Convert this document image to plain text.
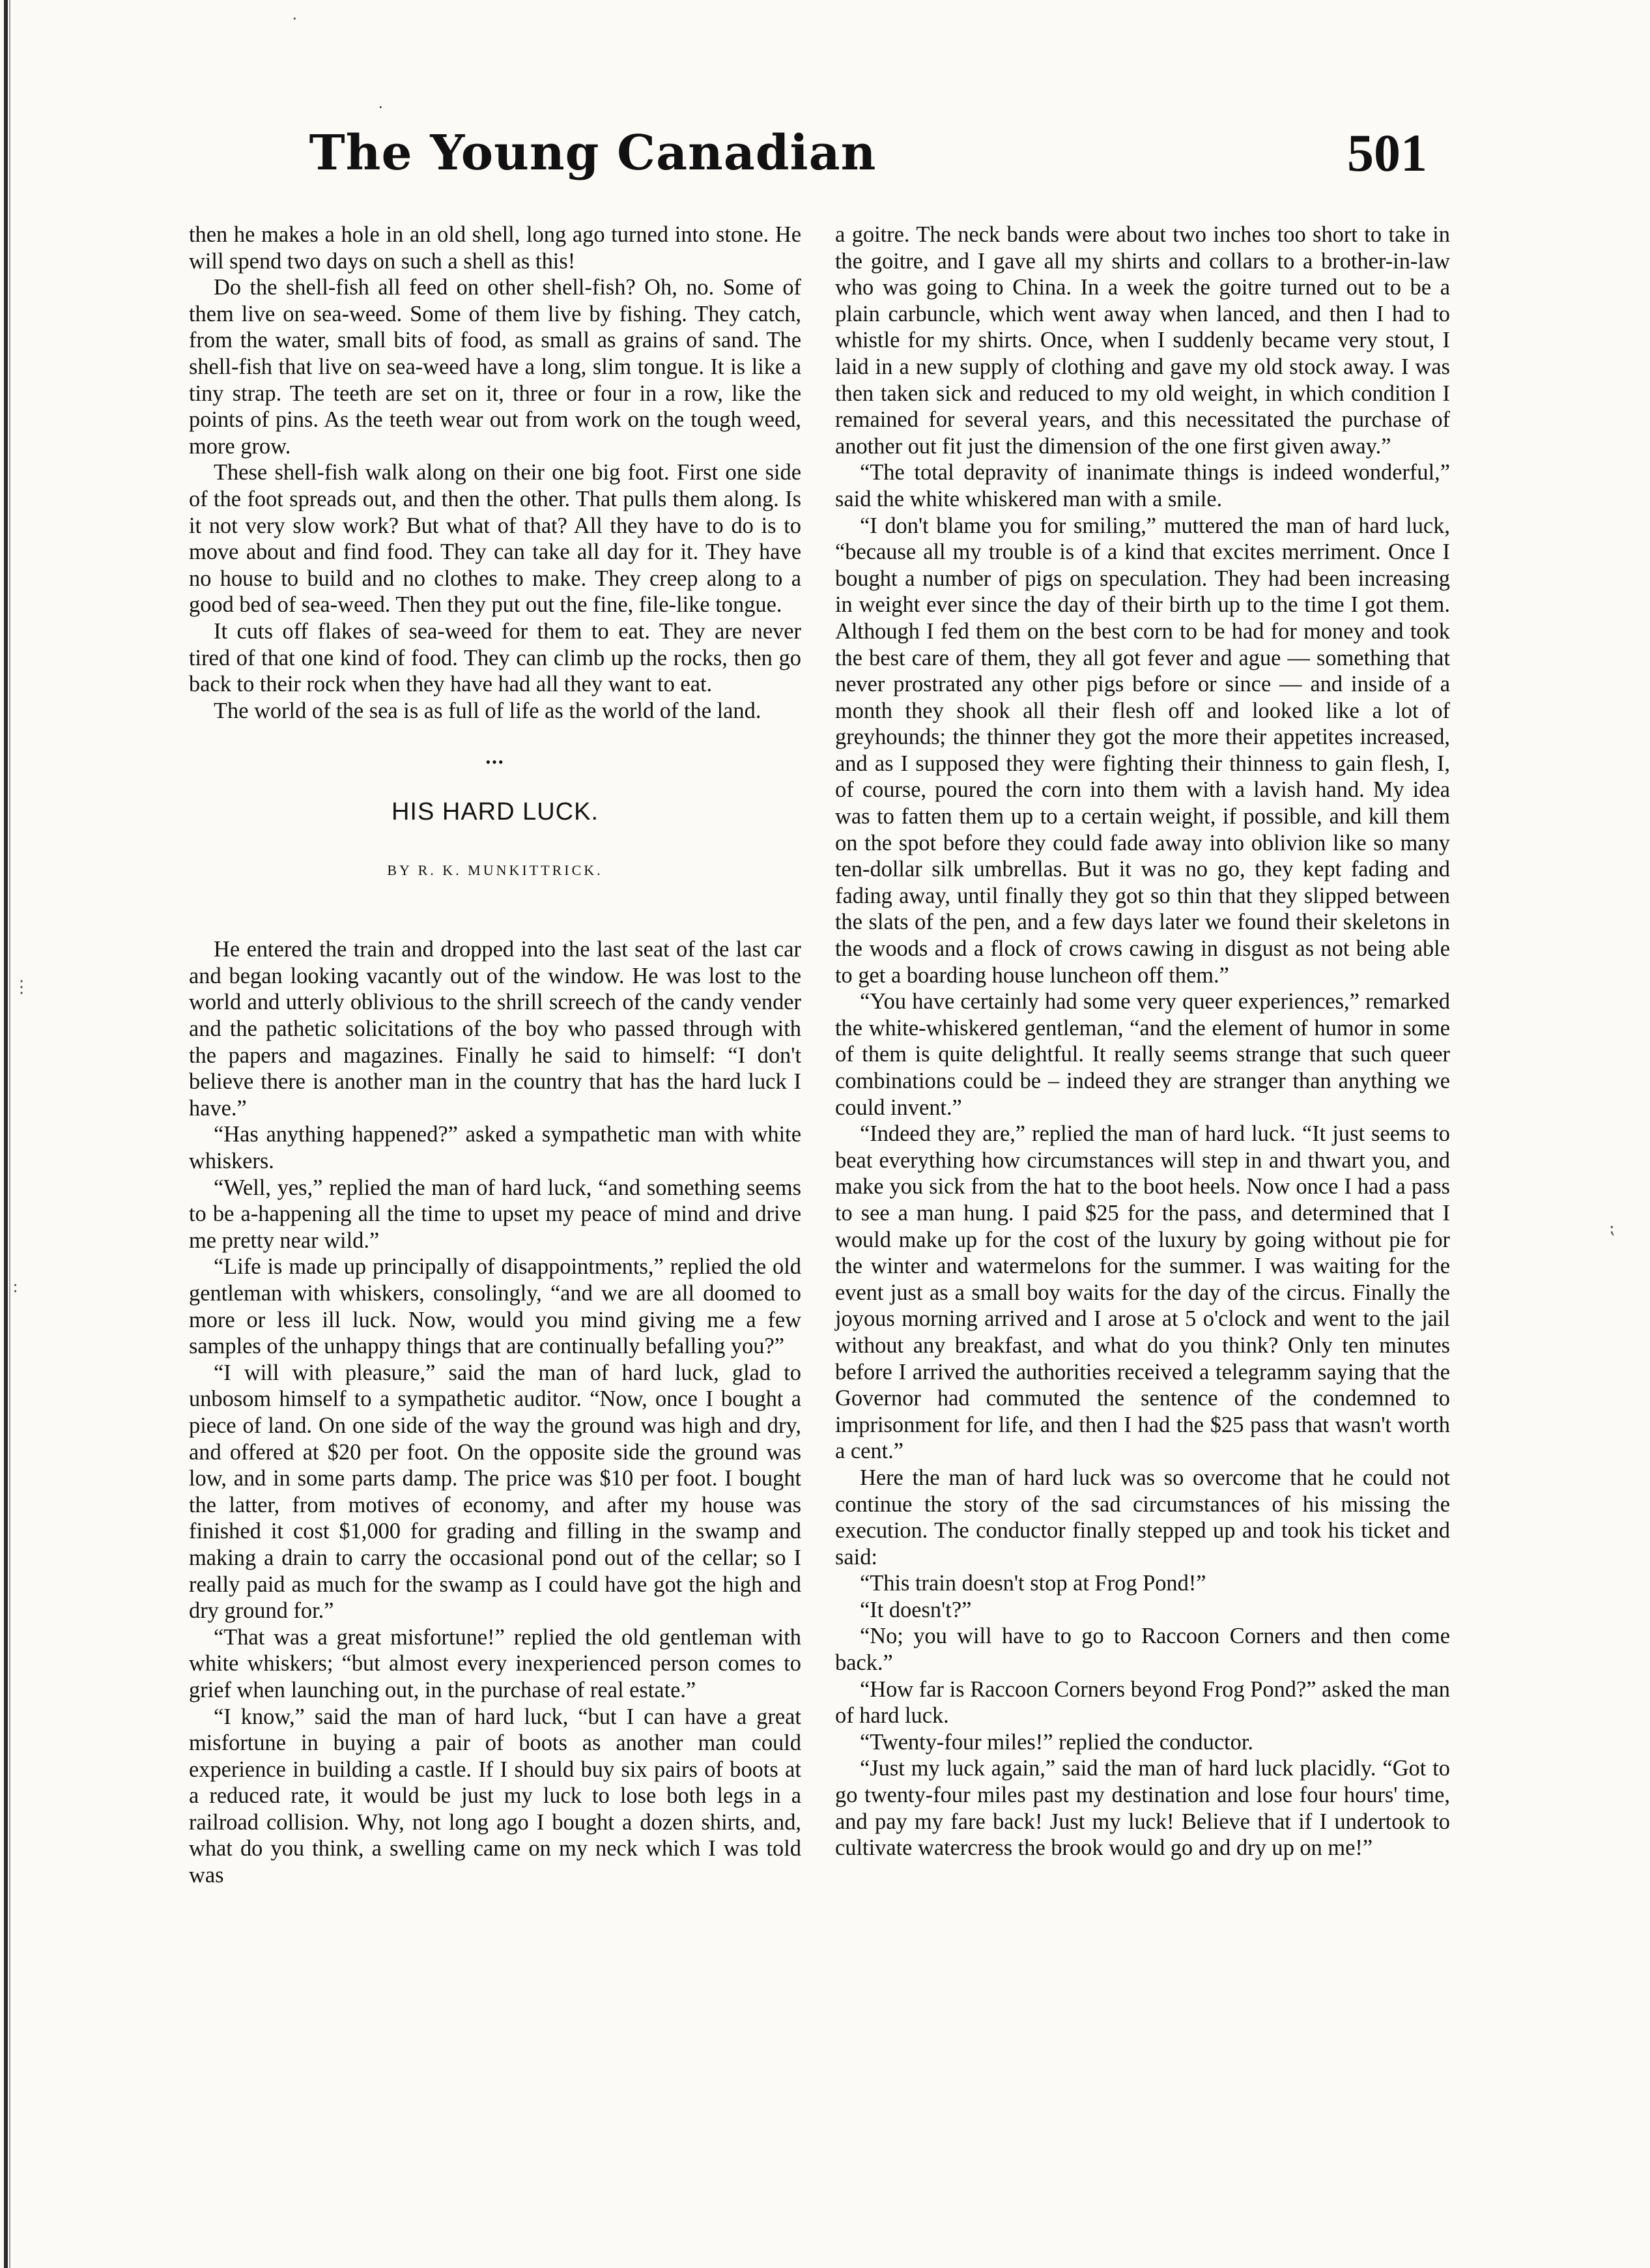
·
·
⋮
:
⁏
The Young Canadian	501

then he makes a hole in an old shell, long ago turned into stone. He will spend two days on such a shell as this!

Do the shell-fish all feed on other shell-fish? Oh, no. Some of them live on sea-weed. Some of them live by fishing. They catch, from the water, small bits of food, as small as grains of sand. The shell-fish that live on sea-weed have a long, slim tongue. It is like a tiny strap. The teeth are set on it, three or four in a row, like the points of pins. As the teeth wear out from work on the tough weed, more grow.

These shell-fish walk along on their one big foot. First one side of the foot spreads out, and then the other. That pulls them along. Is it not very slow work? But what of that? All they have to do is to move about and find food. They can take all day for it. They have no house to build and no clothes to make. They creep along to a good bed of sea-weed. Then they put out the fine, file-like tongue.

It cuts off flakes of sea-weed for them to eat. They are never tired of that one kind of food. They can climb up the rocks, then go back to their rock when they have had all they want to eat.

The world of the sea is as full of life as the world of the land.

•••
HIS HARD LUCK.
BY R. K. MUNKITTRICK.

He entered the train and dropped into the last seat of the last car and began looking vacantly out of the window. He was lost to the world and utterly oblivious to the shrill screech of the candy vender and the pathetic solicitations of the boy who passed through with the papers and magazines. Finally he said to himself: “I don't believe there is another man in the country that has the hard luck I have.”

“Has anything happened?” asked a sympathetic man with white whiskers.

“Well, yes,” replied the man of hard luck, “and something seems to be a-happening all the time to upset my peace of mind and drive me pretty near wild.”

“Life is made up principally of disappointments,” replied the old gentleman with whiskers, consolingly, “and we are all doomed to more or less ill luck. Now, would you mind giving me a few samples of the unhappy things that are continually befalling you?”

“I will with pleasure,” said the man of hard luck, glad to unbosom himself to a sympathetic auditor. “Now, once I bought a piece of land. On one side of the way the ground was high and dry, and offered at $20 per foot. On the opposite side the ground was low, and in some parts damp. The price was $10 per foot. I bought the latter, from motives of economy, and after my house was finished it cost $1,000 for grading and filling in the swamp and making a drain to carry the occasional pond out of the cellar; so I really paid as much for the swamp as I could have got the high and dry ground for.”

“That was a great misfortune!” replied the old gentleman with white whiskers; “but almost every inexperienced person comes to grief when launching out, in the purchase of real estate.”

“I know,” said the man of hard luck, “but I can have a great misfortune in buying a pair of boots as another man could experience in building a castle. If I should buy six pairs of boots at a reduced rate, it would be just my luck to lose both legs in a railroad collision. Why, not long ago I bought a dozen shirts, and, what do you think, a swelling came on my neck which I was told was

a goitre. The neck bands were about two inches too short to take in the goitre, and I gave all my shirts and collars to a brother-in-law who was going to China. In a week the goitre turned out to be a plain carbuncle, which went away when lanced, and then I had to whistle for my shirts. Once, when I suddenly became very stout, I laid in a new supply of clothing and gave my old stock away. I was then taken sick and reduced to my old weight, in which condition I remained for several years, and this necessitated the purchase of another out fit just the dimension of the one first given away.”

“The total depravity of inanimate things is indeed wonderful,” said the white whiskered man with a smile.

“I don't blame you for smiling,” muttered the man of hard luck, “because all my trouble is of a kind that excites merriment. Once I bought a number of pigs on speculation. They had been increasing in weight ever since the day of their birth up to the time I got them. Although I fed them on the best corn to be had for money and took the best care of them, they all got fever and ague — something that never prostrated any other pigs before or since — and inside of a month they shook all their flesh off and looked like a lot of greyhounds; the thinner they got the more their appetites increased, and as I supposed they were fighting their thinness to gain flesh, I, of course, poured the corn into them with a lavish hand. My idea was to fatten them up to a certain weight, if possible, and kill them on the spot before they could fade away into oblivion like so many ten-dollar silk umbrellas. But it was no go, they kept fading and fading away, until finally they got so thin that they slipped between the slats of the pen, and a few days later we found their skeletons in the woods and a flock of crows cawing in disgust as not being able to get a boarding house luncheon off them.”

“You have certainly had some very queer experiences,” remarked the white-whiskered gentleman, “and the element of humor in some of them is quite delightful. It really seems strange that such queer combinations could be – indeed they are stranger than anything we could invent.”

“Indeed they are,” replied the man of hard luck. “It just seems to beat everything how circumstances will step in and thwart you, and make you sick from the hat to the boot heels. Now once I had a pass to see a man hung. I paid $25 for the pass, and determined that I would make up for the cost of the luxury by going without pie for the winter and watermelons for the summer. I was waiting for the event just as a small boy waits for the day of the circus. Finally the joyous morning arrived and I arose at 5 o'clock and went to the jail without any breakfast, and what do you think? Only ten minutes before I arrived the authorities received a telegramm saying that the Governor had commuted the sentence of the condemned to imprisonment for life, and then I had the $25 pass that wasn't worth a cent.”

Here the man of hard luck was so overcome that he could not continue the story of the sad circumstances of his missing the execution. The conductor finally stepped up and took his ticket and said:

“This train doesn't stop at Frog Pond!”

“It doesn't?”

“No; you will have to go to Raccoon Corners and then come back.”

“How far is Raccoon Corners beyond Frog Pond?” asked the man of hard luck.

“Twenty-four miles!” replied the conductor.

“Just my luck again,” said the man of hard luck placidly. “Got to go twenty-four miles past my destination and lose four hours' time, and pay my fare back! Just my luck! Believe that if I undertook to cultivate watercress the brook would go and dry up on me!”
